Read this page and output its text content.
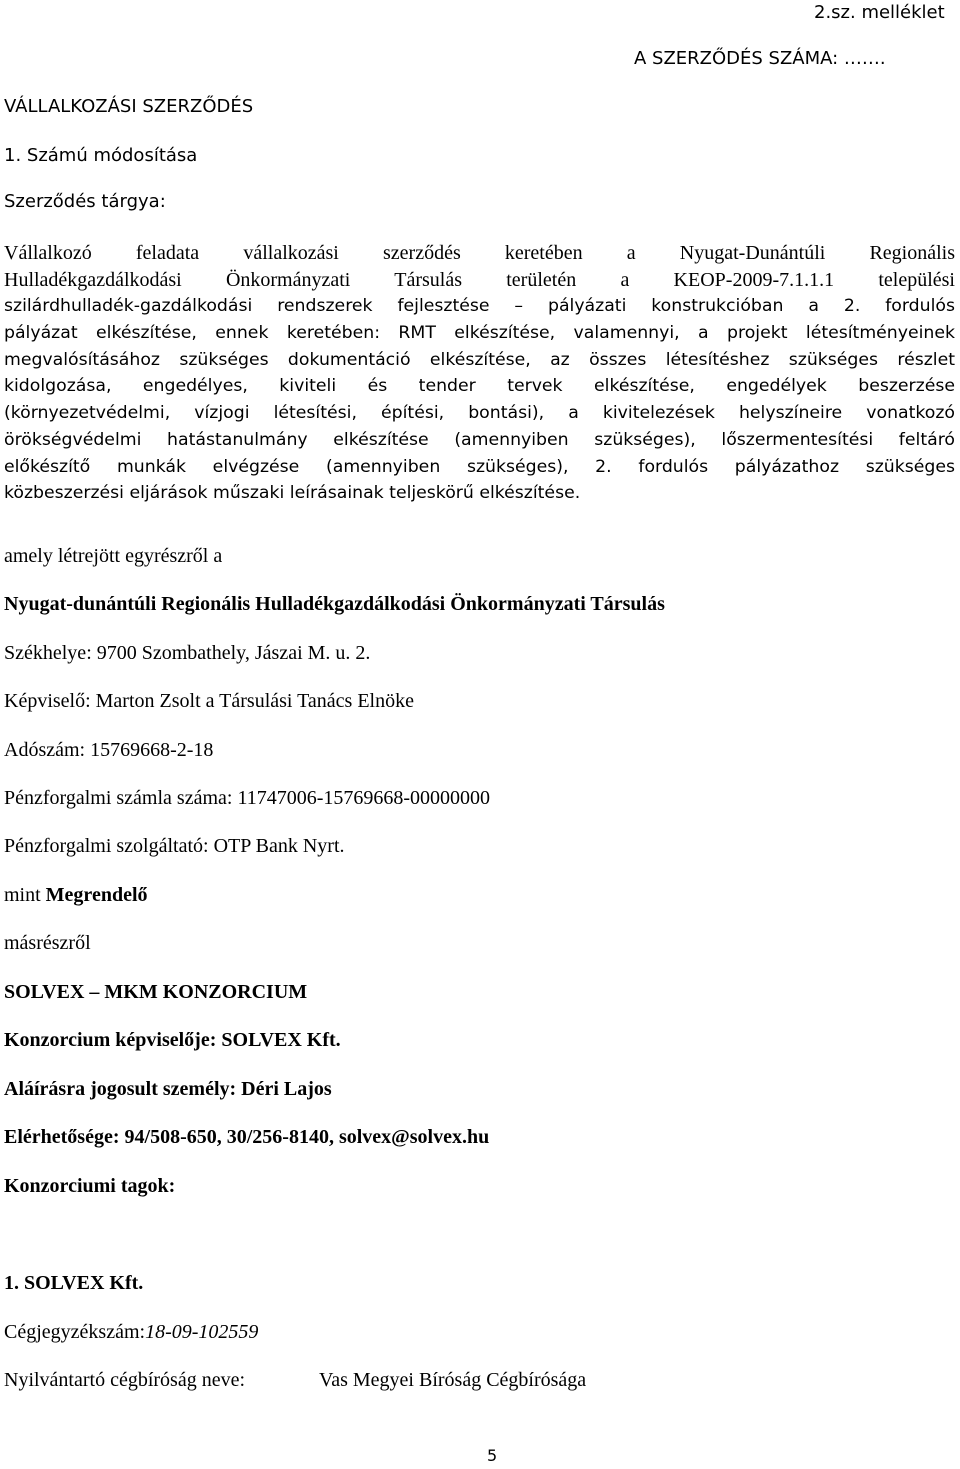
2.sz. melléklet
A SZERZŐDÉS SZÁMA: …….
VÁLLALKOZÁSI SZERZŐDÉS
1. Számú módosítása
Szerződés tárgya:
Vállalkozó feladata vállalkozási szerződés keretében a Nyugat-Dunántúli Regionális
Hulladékgazdálkodási Önkormányzati Társulás területén a KEOP-2009-7.1.1.1 települési
szilárdhulladék-gazdálkodási rendszerek fejlesztése – pályázati konstrukcióban a 2. fordulós
pályázat elkészítése, ennek keretében: RMT elkészítése, valamennyi, a projekt létesítményeinek
megvalósításához szükséges dokumentáció elkészítése, az összes létesítéshez szükséges részlet
kidolgozása, engedélyes, kiviteli és tender tervek elkészítése, engedélyek beszerzése
(környezetvédelmi, vízjogi létesítési, építési, bontási), a kivitelezések helyszíneire vonatkozó
örökségvédelmi hatástanulmány elkészítése (amennyiben szükséges), lőszermentesítési feltáró
előkészítő munkák elvégzése (amennyiben szükséges), 2. fordulós pályázathoz szükséges
közbeszerzési eljárások műszaki leírásainak teljeskörű elkészítése.
amely létrejött egyrészről a
Nyugat-dunántúli Regionális Hulladékgazdálkodási Önkormányzati Társulás
Székhelye: 9700 Szombathely, Jászai M. u. 2.
Képviselő: Marton Zsolt a Társulási Tanács Elnöke
Adószám: 15769668-2-18
Pénzforgalmi számla száma: 11747006-15769668-00000000
Pénzforgalmi szolgáltató: OTP Bank Nyrt.
mint Megrendelő
másrészről
SOLVEX – MKM KONZORCIUM
Konzorcium képviselője: SOLVEX Kft.
Aláírásra jogosult személy: Déri Lajos
Elérhetősége: 94/508-650, 30/256-8140, solvex@solvex.hu
Konzorciumi tagok:
1. SOLVEX Kft.
Cégjegyzékszám:18-09-102559
Nyilvántartó cégbíróság neve:	Vas Megyei Bíróság Cégbírósága
5
